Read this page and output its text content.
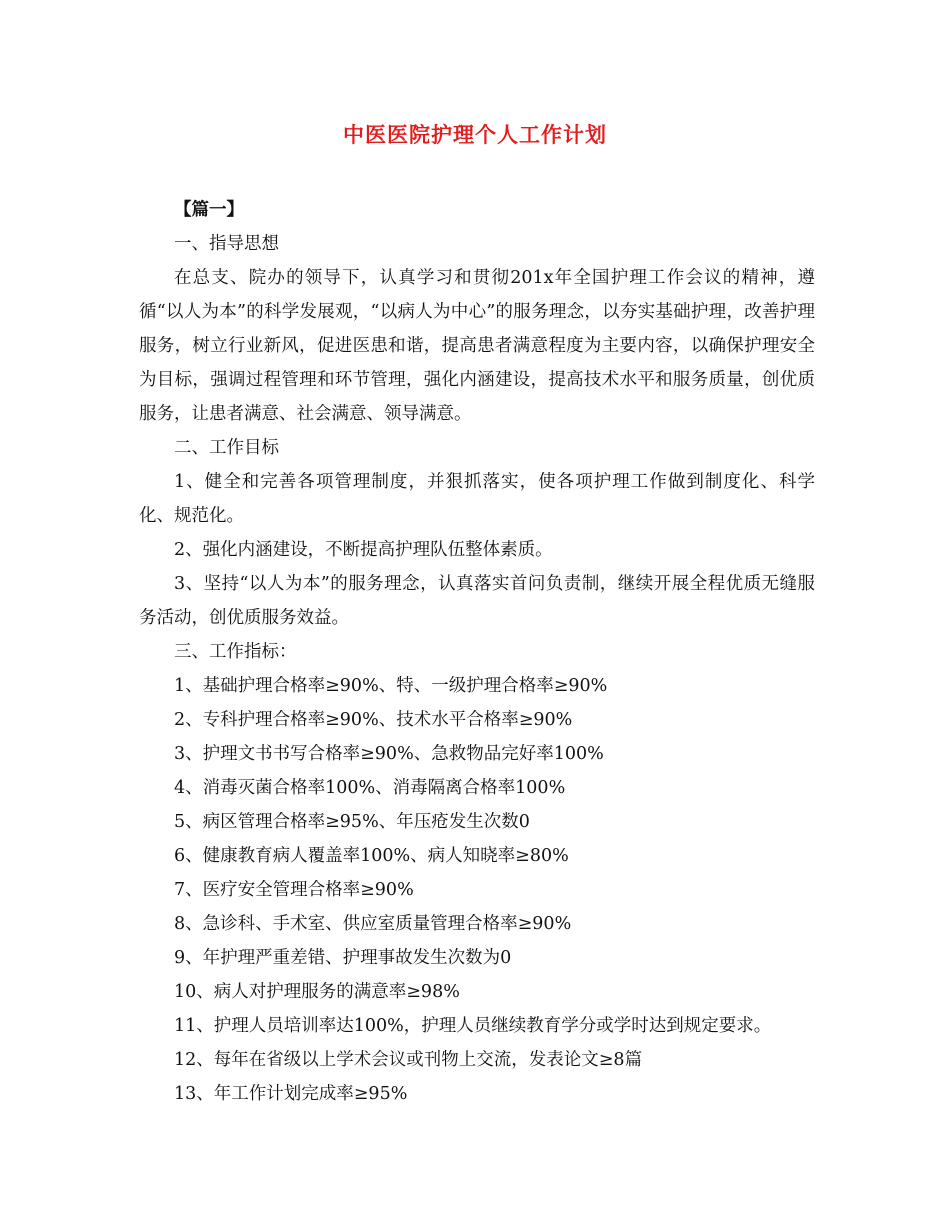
中医医院护理个人工作计划

【篇一】

一、指导思想

在总支、院办的领导下，认真学习和贯彻201x年全国护理工作会议的精神，遵循“以人为本”的科学发展观，“以病人为中心”的服务理念，以夯实基础护理，改善护理服务，树立行业新风，促进医患和谐，提高患者满意程度为主要内容，以确保护理安全为目标，强调过程管理和环节管理，强化内涵建设，提高技术水平和服务质量，创优质服务，让患者满意、社会满意、领导满意。

二、工作目标

1、健全和完善各项管理制度，并狠抓落实，使各项护理工作做到制度化、科学化、规范化。

2、强化内涵建设，不断提高护理队伍整体素质。

3、坚持“以人为本”的服务理念，认真落实首问负责制，继续开展全程优质无缝服务活动，创优质服务效益。

三、工作指标：

1、基础护理合格率≥90%、特、一级护理合格率≥90%

2、专科护理合格率≥90%、技术水平合格率≥90%

3、护理文书书写合格率≥90%、急救物品完好率100%

4、消毒灭菌合格率100%、消毒隔离合格率100%

5、病区管理合格率≥95%、年压疮发生次数0

6、健康教育病人覆盖率100%、病人知晓率≥80%

7、医疗安全管理合格率≥90%

8、急诊科、手术室、供应室质量管理合格率≥90%

9、年护理严重差错、护理事故发生次数为0

10、病人对护理服务的满意率≥98%

11、护理人员培训率达100%，护理人员继续教育学分或学时达到规定要求。

12、每年在省级以上学术会议或刊物上交流，发表论文≥8篇

13、年工作计划完成率≥95%
